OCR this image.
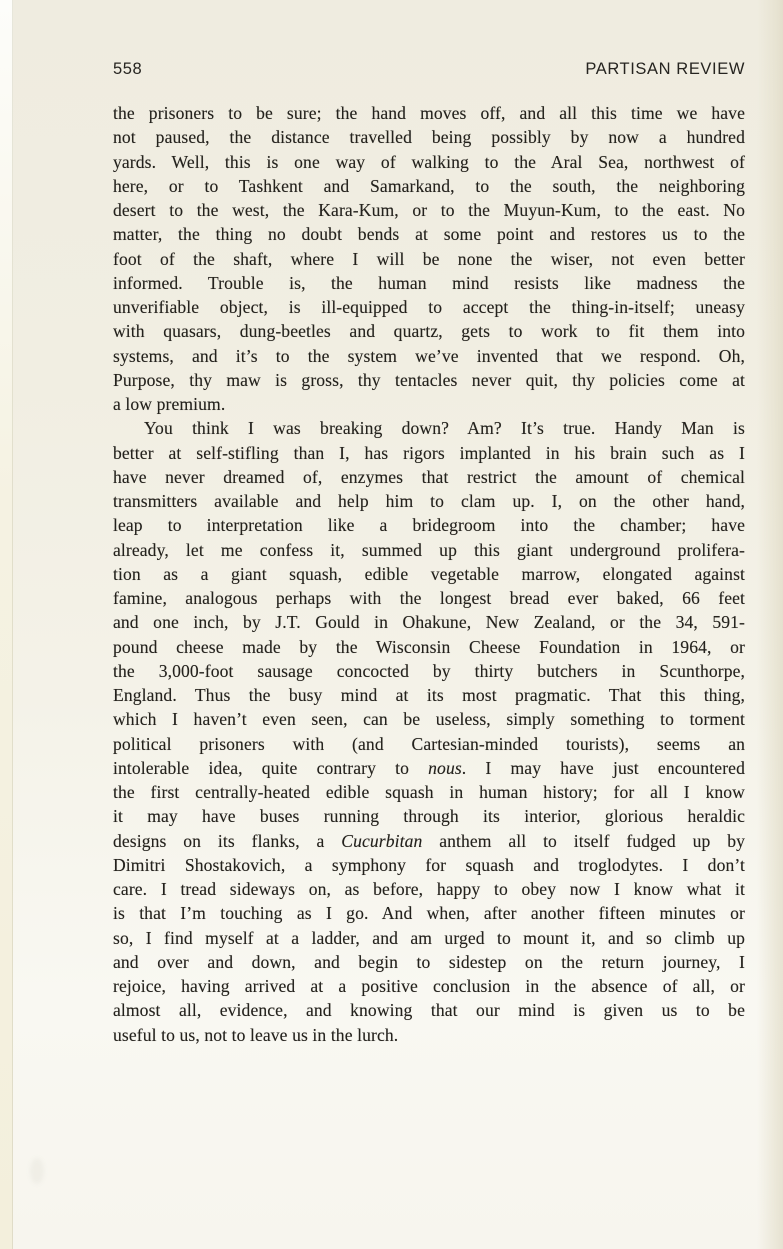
558	PARTISAN REVIEW
the prisoners to be sure; the hand moves off, and all this time we have
not paused, the distance travelled being possibly by now a hundred
yards. Well, this is one way of walking to the Aral Sea, northwest of
here, or to Tashkent and Samarkand, to the south, the neighboring
desert to the west, the Kara-Kum, or to the Muyun-Kum, to the east. No
matter, the thing no doubt bends at some point and restores us to the
foot of the shaft, where I will be none the wiser, not even better
informed. Trouble is, the human mind resists like madness the
unverifiable object, is ill-equipped to accept the thing-in-itself; uneasy
with quasars, dung-beetles and quartz, gets to work to fit them into
systems, and it’s to the system we’ve invented that we respond. Oh,
Purpose, thy maw is gross, thy tentacles never quit, thy policies come at
a low premium.
You think I was breaking down? Am? It’s true. Handy Man is
better at self-stifling than I, has rigors implanted in his brain such as I
have never dreamed of, enzymes that restrict the amount of chemical
transmitters available and help him to clam up. I, on the other hand,
leap to interpretation like a bridegroom into the chamber; have
already, let me confess it, summed up this giant underground prolifera-
tion as a giant squash, edible vegetable marrow, elongated against
famine, analogous perhaps with the longest bread ever baked, 66 feet
and one inch, by J.T. Gould in Ohakune, New Zealand, or the 34, 591-
pound cheese made by the Wisconsin Cheese Foundation in 1964, or
the 3,000-foot sausage concocted by thirty butchers in Scunthorpe,
England. Thus the busy mind at its most pragmatic. That this thing,
which I haven’t even seen, can be useless, simply something to torment
political prisoners with (and Cartesian-minded tourists), seems an
intolerable idea, quite contrary to nous. I may have just encountered
the first centrally-heated edible squash in human history; for all I know
it may have buses running through its interior, glorious heraldic
designs on its flanks, a Cucurbitan anthem all to itself fudged up by
Dimitri Shostakovich, a symphony for squash and troglodytes. I don’t
care. I tread sideways on, as before, happy to obey now I know what it
is that I’m touching as I go. And when, after another fifteen minutes or
so, I find myself at a ladder, and am urged to mount it, and so climb up
and over and down, and begin to sidestep on the return journey, I
rejoice, having arrived at a positive conclusion in the absence of all, or
almost all, evidence, and knowing that our mind is given us to be
useful to us, not to leave us in the lurch.
